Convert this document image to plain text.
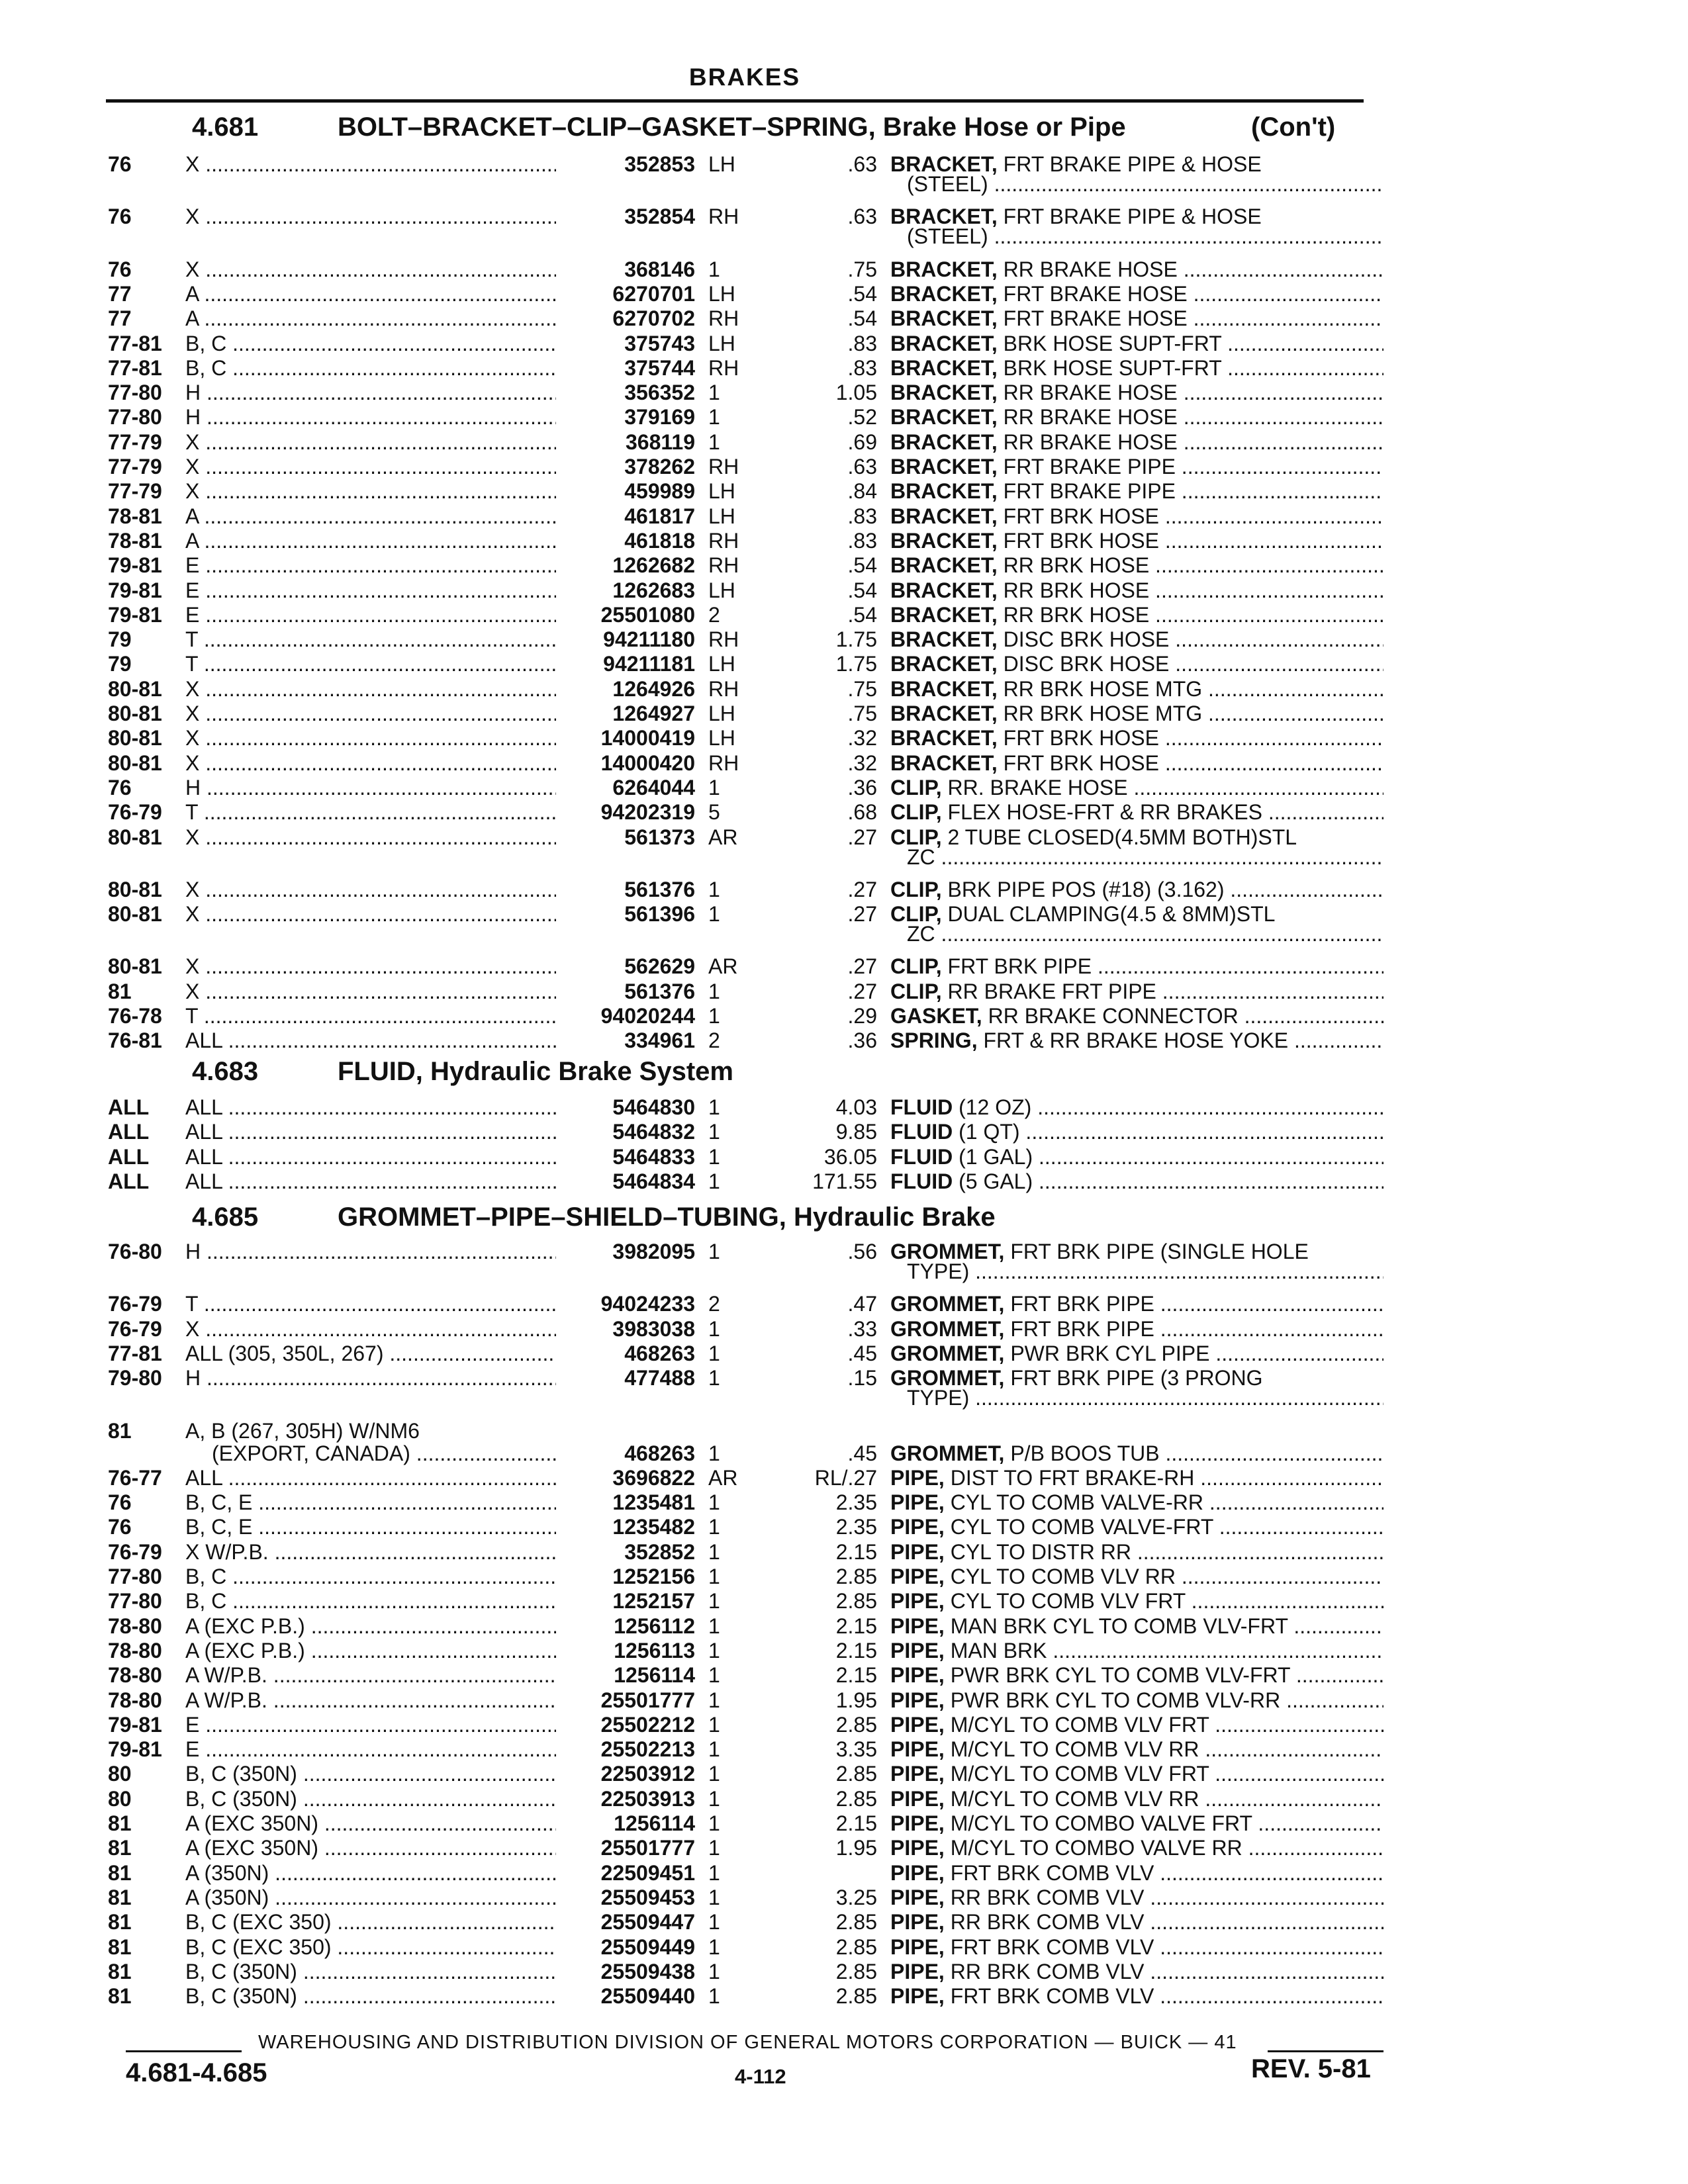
BRAKES
4.681	BOLT–BRACKET–CLIP–GASKET–SPRING, Brake Hose or Pipe	(Con't)
76	X .....	352853 LH	.63 BRACKET, FRT BRAKE PIPE & HOSE
(STEEL) .....
76	X .....	352854 RH	.63 BRACKET, FRT BRAKE PIPE & HOSE
(STEEL) .....
76	X .....	368146 1	.75 BRACKET, RR BRAKE HOSE .....
77	A .....	6270701 LH	.54 BRACKET, FRT BRAKE HOSE .....
77	A .....	6270702 RH	.54 BRACKET, FRT BRAKE HOSE .....
77-81 B, C .....	375743 LH	.83 BRACKET, BRK HOSE SUPT-FRT .....
77-81 B, C .....	375744 RH	.83 BRACKET, BRK HOSE SUPT-FRT .....
77-80 H .....	356352 1	1.05 BRACKET, RR BRAKE HOSE .....
77-80 H .....	379169 1	.52 BRACKET, RR BRAKE HOSE .....
77-79 X .....	368119 1	.69 BRACKET, RR BRAKE HOSE .....
77-79 X .....	378262 RH	.63 BRACKET, FRT BRAKE PIPE .....
77-79 X .....	459989 LH	.84 BRACKET, FRT BRAKE PIPE .....
78-81 A .....	461817 LH	.83 BRACKET, FRT BRK HOSE .....
78-81 A .....	461818 RH	.83 BRACKET, FRT BRK HOSE .....
79-81 E .....	1262682 RH	.54 BRACKET, RR BRK HOSE .....
79-81 E .....	1262683 LH	.54 BRACKET, RR BRK HOSE .....
79-81 E .....	25501080 2	.54 BRACKET, RR BRK HOSE .....
79	T .....	94211180 RH	1.75 BRACKET, DISC BRK HOSE .....
79	T .....	94211181 LH	1.75 BRACKET, DISC BRK HOSE .....
80-81 X .....	1264926 RH	.75 BRACKET, RR BRK HOSE MTG .....
80-81 X .....	1264927 LH	.75 BRACKET, RR BRK HOSE MTG .....
80-81 X .....	14000419 LH	.32 BRACKET, FRT BRK HOSE .....
80-81 X .....	14000420 RH	.32 BRACKET, FRT BRK HOSE .....
76	H .....	6264044 1	.36 CLIP, RR. BRAKE HOSE .....
76-79 T .....	94202319 5	.68 CLIP, FLEX HOSE-FRT & RR BRAKES .....
80-81 X .....	561373 AR	.27 CLIP, 2 TUBE CLOSED(4.5MM BOTH)STL
ZC .....
80-81 X .....	561376 1	.27 CLIP, BRK PIPE POS (#18) (3.162) .....
80-81 X .....	561396 1	.27 CLIP, DUAL CLAMPING(4.5 & 8MM)STL
ZC .....
80-81 X .....	562629 AR	.27 CLIP, FRT BRK PIPE .....
81	X .....	561376 1	.27 CLIP, RR BRAKE FRT PIPE .....
76-78 T .....	94020244 1	.29 GASKET, RR BRAKE CONNECTOR .....
76-81 ALL .....	334961 2	.36 SPRING, FRT & RR BRAKE HOSE YOKE .....
4.683	FLUID, Hydraulic Brake System
ALL ALL .....	5464830 1	4.03 FLUID (12 OZ) .....
ALL ALL .....	5464832 1	9.85 FLUID (1 QT) .....
ALL ALL .....	5464833 1	36.05 FLUID (1 GAL) .....
ALL ALL .....	5464834 1	171.55 FLUID (5 GAL) .....
4.685	GROMMET–PIPE–SHIELD–TUBING, Hydraulic Brake
76-80 H .....	3982095 1	.56 GROMMET, FRT BRK PIPE (SINGLE HOLE
TYPE) .....
76-79 T .....	94024233 2	.47 GROMMET, FRT BRK PIPE .....
76-79 X .....	3983038 1	.33 GROMMET, FRT BRK PIPE .....
77-81 ALL (305, 350L, 267) .....	468263 1	.45 GROMMET, PWR BRK CYL PIPE .....
79-80 H .....	477488 1	.15 GROMMET, FRT BRK PIPE (3 PRONG
TYPE) .....
81	A, B (267, 305H) W/NM6
(EXPORT, CANADA) .....	468263 1	.45 GROMMET, P/B BOOS TUB .....
76-77 ALL .....	3696822 AR	RL/.27 PIPE, DIST TO FRT BRAKE-RH .....
76	B, C, E .....	1235481 1	2.35 PIPE, CYL TO COMB VALVE-RR .....
76	B, C, E .....	1235482 1	2.35 PIPE, CYL TO COMB VALVE-FRT .....
76-79 X W/P.B. .....	352852 1	2.15 PIPE, CYL TO DISTR RR .....
77-80 B, C .....	1252156 1	2.85 PIPE, CYL TO COMB VLV RR .....
77-80 B, C .....	1252157 1	2.85 PIPE, CYL TO COMB VLV FRT .....
78-80 A (EXC P.B.) .....	1256112 1	2.15 PIPE, MAN BRK CYL TO COMB VLV-FRT .....
78-80 A (EXC P.B.) .....	1256113 1	2.15 PIPE, MAN BRK .....
78-80 A W/P.B. .....	1256114 1	2.15 PIPE, PWR BRK CYL TO COMB VLV-FRT .....
78-80 A W/P.B. .....	25501777 1	1.95 PIPE, PWR BRK CYL TO COMB VLV-RR .....
79-81 E .....	25502212 1	2.85 PIPE, M/CYL TO COMB VLV FRT .....
79-81 E .....	25502213 1	3.35 PIPE, M/CYL TO COMB VLV RR .....
80	B, C (350N) .....	22503912 1	2.85 PIPE, M/CYL TO COMB VLV FRT .....
80	B, C (350N) .....	22503913 1	2.85 PIPE, M/CYL TO COMB VLV RR .....
81	A (EXC 350N) .....	1256114 1	2.15 PIPE, M/CYL TO COMBO VALVE FRT .....
81	A (EXC 350N) .....	25501777 1	1.95 PIPE, M/CYL TO COMBO VALVE RR .....
81	A (350N) .....	22509451 1	PIPE, FRT BRK COMB VLV .....
81	A (350N) .....	25509453 1	3.25 PIPE, RR BRK COMB VLV .....
81	B, C (EXC 350) .....	25509447 1	2.85 PIPE, RR BRK COMB VLV .....
81	B, C (EXC 350) .....	25509449 1	2.85 PIPE, FRT BRK COMB VLV .....
81	B, C (350N) .....	25509438 1	2.85 PIPE, RR BRK COMB VLV .....
81	B, C (350N) .....	25509440 1	2.85 PIPE, FRT BRK COMB VLV .....
WAREHOUSING AND DISTRIBUTION DIVISION OF GENERAL MOTORS CORPORATION — BUICK — 41
4.681-4.685	4-112	REV. 5-81
